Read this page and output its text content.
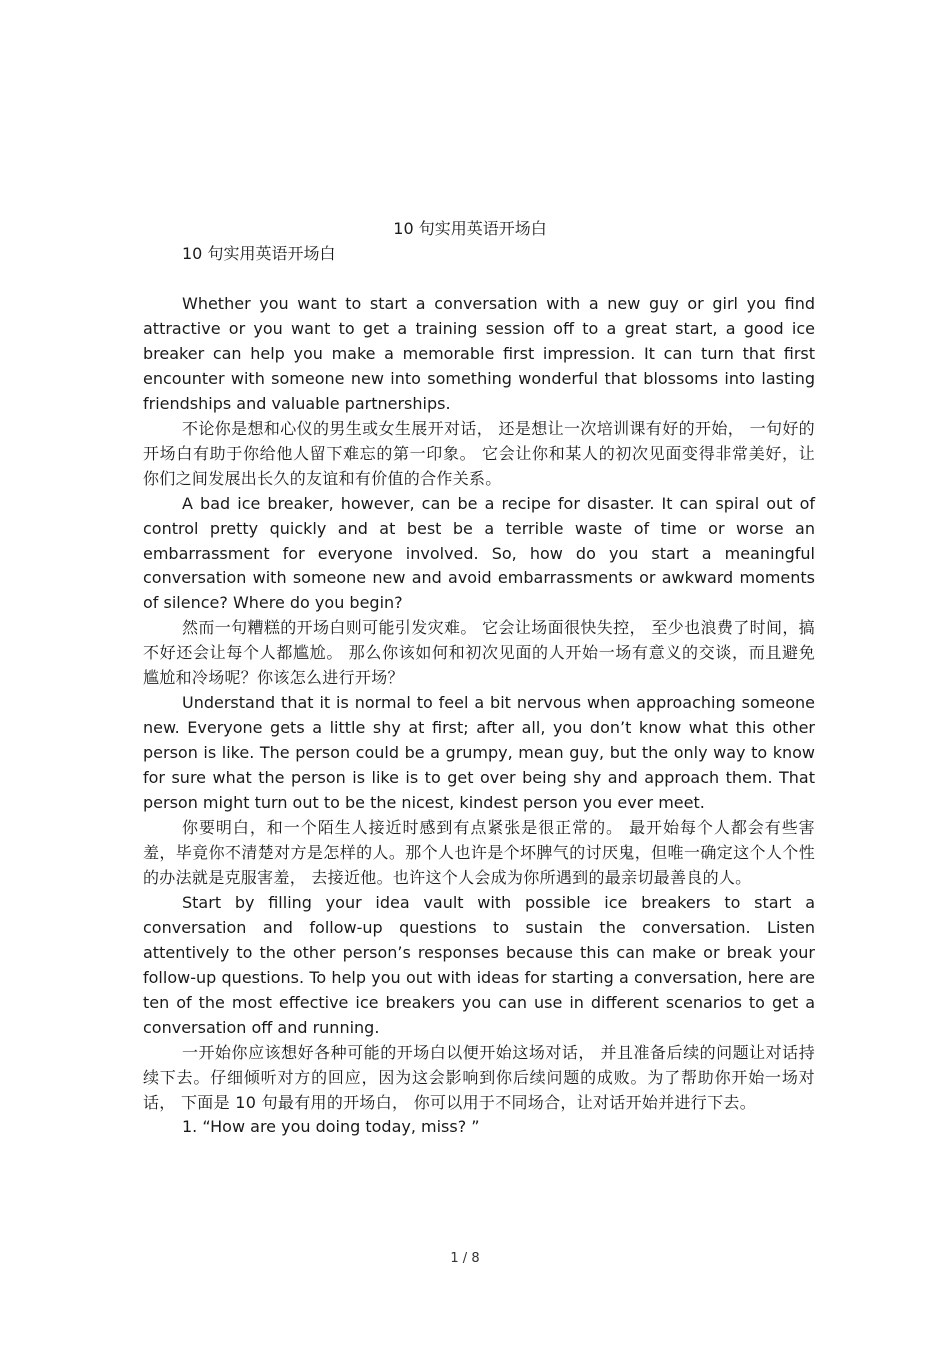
10 句实用英语开场白
10 句实用英语开场白

Whether you want to start a conversation with a new guy or girl you find attractive or you want to get a training session off to a great start, a good ice breaker can help you make a memorable first impression. It can turn that first encounter with someone new into something wonderful that blossoms into lasting friendships and valuable partnerships.

不论你是想和心仪的男生或女生展开对话， 还是想让一次培训课有好的开始， 一句好的开场白有助于你给他人留下难忘的第一印象。 它会让你和某人的初次见面变得非常美好，让你们之间发展出长久的友谊和有价值的合作关系。

A bad ice breaker, however, can be a recipe for disaster. It can spiral out of control pretty quickly and at best be a terrible waste of time or worse an embarrassment for everyone involved. So, how do you start a meaningful conversation with someone new and avoid embarrassments or awkward moments of silence? Where do you begin?

然而一句糟糕的开场白则可能引发灾难。 它会让场面很快失控， 至少也浪费了时间，搞不好还会让每个人都尴尬。 那么你该如何和初次见面的人开始一场有意义的交谈，而且避免尴尬和冷场呢？你该怎么进行开场？

Understand that it is normal to feel a bit nervous when approaching someone new. Everyone gets a little shy at first; after all, you don’t know what this other person is like. The person could be a grumpy, mean guy, but the only way to know for sure what the person is like is to get over being shy and approach them. That person might turn out to be the nicest, kindest person you ever meet.

你要明白，和一个陌生人接近时感到有点紧张是很正常的。 最开始每个人都会有些害羞，毕竟你不清楚对方是怎样的人。那个人也许是个坏脾气的讨厌鬼，但唯一确定这个人个性的办法就是克服害羞， 去接近他。也许这个人会成为你所遇到的最亲切最善良的人。

Start by filling your idea vault with possible ice breakers to start a conversation and follow-up questions to sustain the conversation. Listen attentively to the other person’s responses because this can make or break your follow-up questions. To help you out with ideas for starting a conversation, here are ten of the most effective ice breakers you can use in different scenarios to get a conversation off and running.

一开始你应该想好各种可能的开场白以便开始这场对话， 并且准备后续的问题让对话持续下去。仔细倾听对方的回应，因为这会影响到你后续问题的成败。为了帮助你开始一场对话， 下面是 10 句最有用的开场白， 你可以用于不同场合，让对话开始并进行下去。

1. “How are you doing today, miss? ”

1 / 8
